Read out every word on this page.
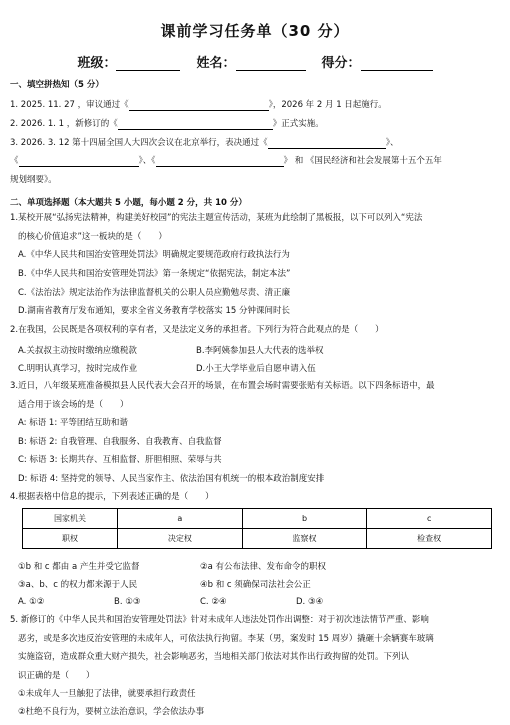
课前学习任务单（30 分）
班级：	姓名：	得分：
一、填空拼热知（5 分）
1. 2025. 11. 27 ，审议通过《	》，2026 年 2 月 1 日起施行。
2. 2026. 1. 1 ，新修订的《	》正式实施。
3. 2026. 3. 12 第十四届全国人大四次会议在北京举行，表决通过《	》、
《	》、《	》 和 《国民经济和社会发展第十五个五年
规划纲要》。
二、单项选择题（本大题共 5 小题，每小题 2 分，共 10 分）
1.某校开展“弘扬宪法精神，构建美好校园”的宪法主题宣传活动，某班为此绘制了黑板报，以下可以列入“宪法
的核心价值追求”这一板块的是（　　）
A.《中华人民共和国治安管理处罚法》明确规定要规范政府行政执法行为
B.《中华人民共和国治安管理处罚法》第一条规定“依据宪法，制定本法”
C.《法治法》规定法治作为法律监督机关的公职人员应勤勉尽责、清正廉
D.湖南省教育厅发布通知，要求全省义务教育学校落实 15 分钟课间时长
2.在我国，公民既是各项权利的享有者，又是法定义务的承担者。下列行为符合此观点的是（　　）
A.关叔叔主动按时缴纳应缴税款	B.李阿姨参加县人大代表的选举权
C.明明认真学习，按时完成作业	D.小王大学毕业后自愿申请入伍
3.近日，八年级某班准备模拟县人民代表大会召开的场景，在布置会场时需要张贴有关标语。以下四条标语中，最
适合用于该会场的是（　　）
A: 标语 1: 平等团结互助和谐
B: 标语 2: 自我管理、自我服务、自我教育、自我监督
C: 标语 3: 长期共存、互相监督、肝胆相照、荣辱与共
D: 标语 4: 坚持党的领导、人民当家作主、依法治国有机统一的根本政治制度安排
4.根据表格中信息的提示，下列表述正确的是（　　）
国家机关	a	b	c
职权	决定权	监察权	检查权
①b 和 c 都由 a 产生并受它监督	②a 有公布法律、发布命令的职权
③a、b、c 的权力都来源于人民	④b 和 c 须确保司法社会公正
A. ①②	B. ①③	C. ②④	D. ③④
5. 新修订的《中华人民共和国治安管理处罚法》针对未成年人违法处罚作出调整：对于初次违法情节严重、影响
恶劣，或是多次违反治安管理的未成年人，可依法执行拘留。李某（男，案发时 15 周岁）撬砸十余辆赛车玻璃
实施盗窃，造成群众重大财产损失，社会影响恶劣，当地相关部门依法对其作出行政拘留的处罚。下列认
识正确的是（　　）
①未成年人一旦触犯了法律，就要承担行政责任
②杜绝不良行为，要树立法治意识，学会依法办事
